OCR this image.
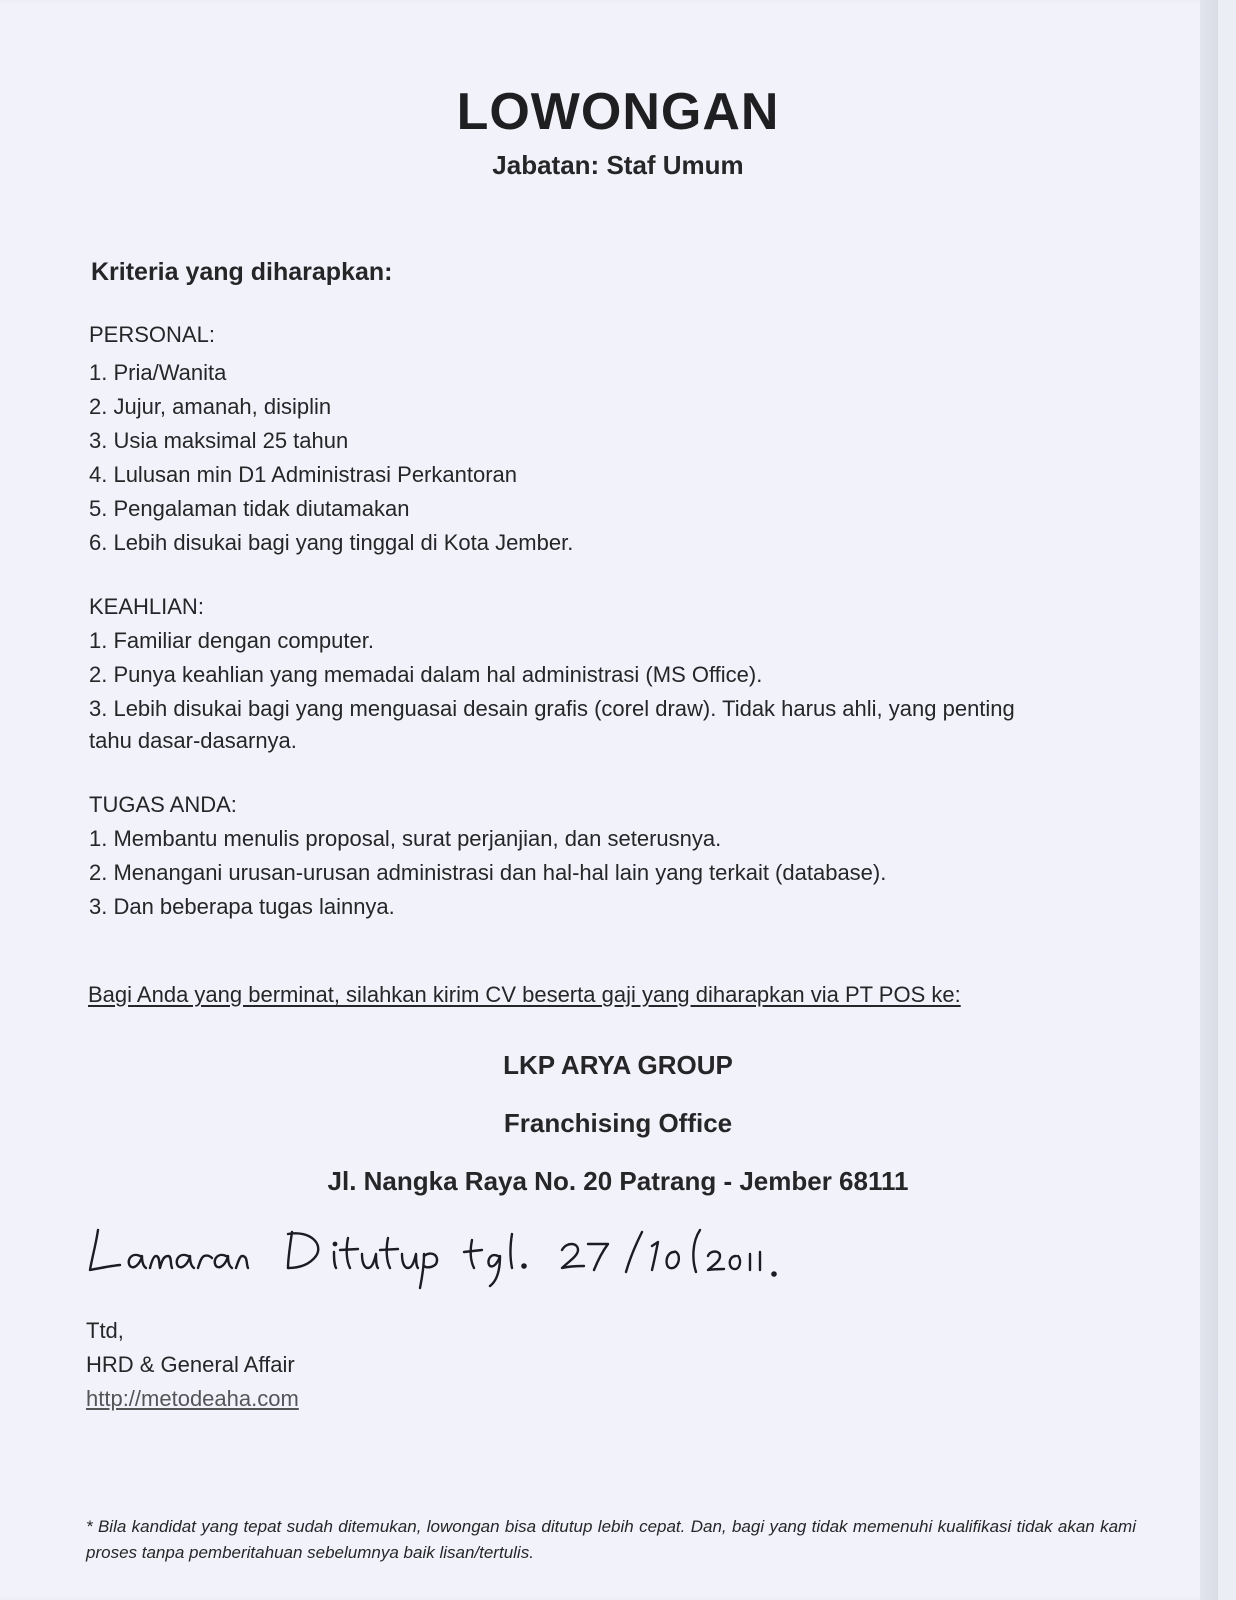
LOWONGAN
Jabatan: Staf Umum
Kriteria yang diharapkan:
PERSONAL:
1. Pria/Wanita
2. Jujur, amanah, disiplin
3. Usia maksimal 25 tahun
4. Lulusan min D1 Administrasi Perkantoran
5. Pengalaman tidak diutamakan
6. Lebih disukai bagi yang tinggal di Kota Jember.
KEAHLIAN:
1. Familiar dengan computer.
2. Punya keahlian yang memadai dalam hal administrasi (MS Office).
3. Lebih disukai bagi yang menguasai desain grafis (corel draw). Tidak harus ahli, yang penting
tahu dasar-dasarnya.
TUGAS ANDA:
1. Membantu menulis proposal, surat perjanjian, dan seterusnya.
2. Menangani urusan-urusan administrasi dan hal-hal lain yang terkait (database).
3. Dan beberapa tugas lainnya.
Bagi Anda yang berminat, silahkan kirim CV beserta gaji yang diharapkan via PT POS ke:
LKP ARYA GROUP
Franchising Office
Jl. Nangka Raya No. 20 Patrang - Jember 68111
Ttd,
HRD & General Affair
http://metodeaha.com
* Bila kandidat yang tepat sudah ditemukan, lowongan bisa ditutup lebih cepat. Dan, bagi yang tidak memenuhi kualifikasi tidak akan kami proses tanpa pemberitahuan sebelumnya baik lisan/tertulis.
